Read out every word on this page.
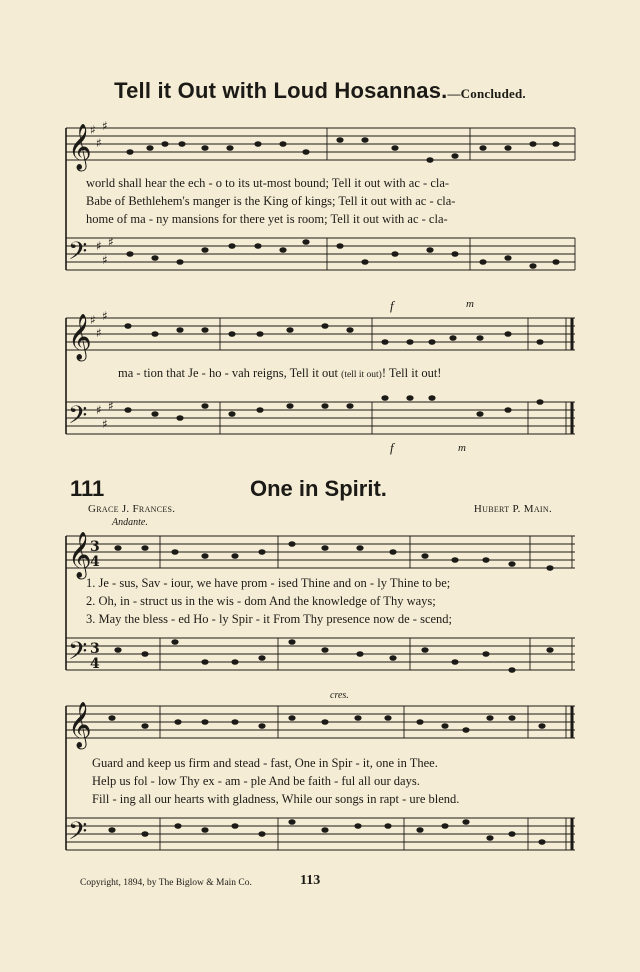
Tell it Out with Loud Hosannas.—Concluded.
𝄞
𝄢
𝄞
𝄢
𝄞
𝄢
𝄞
𝄢
♯
♯
♯
♯
♯
♯
♯
♯
♯
♯
♯
♯
3
4
3
4
world shall hear the ech - o to its ut-most bound; Tell it out with ac - cla-
Babe of Bethlehem's manger is the King of kings; Tell it out with ac - cla-
home of ma - ny mansions for there yet is room; Tell it out with ac - cla-
f	m
ma - tion that Je - ho - vah reigns, Tell it out (tell it out)! Tell it out!
f	m
111	One in Spirit.
Grace J. Frances.	Hubert P. Main.
Andante.
1. Je - sus, Sav - iour, we have prom - ised Thine and on - ly Thine to be;
2. Oh, in - struct us in the wis - dom And the knowledge of Thy ways;
3. May the bless - ed Ho - ly Spir - it From Thy presence now de - scend;
cres.
Guard and keep us firm and stead - fast, One in Spir - it, one in Thee.
Help us fol - low Thy ex - am - ple And be faith - ful all our days.
Fill - ing all our hearts with gladness, While our songs in rapt - ure blend.
Copyright, 1894, by The Biglow & Main Co.	113
